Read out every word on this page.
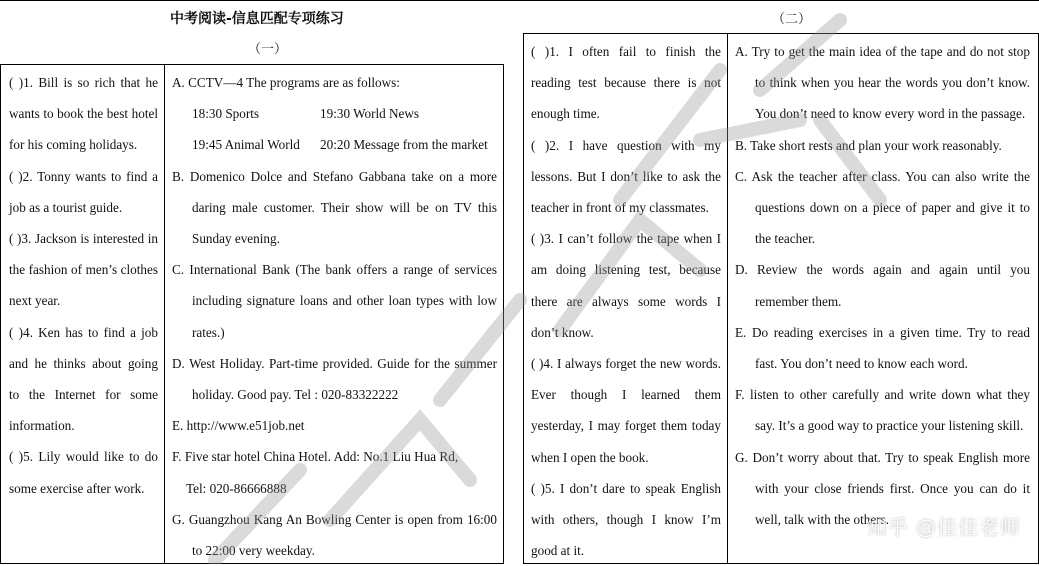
中考阅读-信息匹配专项练习
（一）
（二）

( )1. Bill is so rich that he wants to book the best hotel for his coming holidays.

( )2. Tonny wants to find a job as a tourist guide.

( )3. Jackson is interested in the fashion of men’s clothes next year.

( )4. Ken has to find a job and he thinks about going to the Internet for some information.

( )5. Lily would like to do some exercise after work.

A. CCTV—4 The programs are as follows:

18:30 Sports	19:30 World News

19:45 Animal World	20:20 Message from the market

B. Domenico Dolce and Stefano Gabbana take on a more daring male customer. Their show will be on TV this Sunday evening.

C. International Bank (The bank offers a range of services including signature loans and other loan types with low rates.)

D. West Holiday. Part-time provided. Guide for the summer holiday. Good pay. Tel : 020-83322222

E. http://www.e51job.net

F. Five star hotel China Hotel. Add: No.1 Liu Hua Rd,

Tel: 020-86666888

G. Guangzhou Kang An Bowling Center is open from 16:00 to 22:00 very weekday.

( )1. I often fail to finish the reading test because there is not enough time.

( )2. I have question with my lessons. But I don’t like to ask the teacher in front of my classmates.

( )3. I can’t follow the tape when I am doing listening test, because there are always some words I don’t know.

( )4. I always forget the new words. Ever though I learned them yesterday, I may forget them today when I open the book.

( )5. I don’t dare to speak English with others, though I know I’m good at it.

A. Try to get the main idea of the tape and do not stop to think when you hear the words you don’t know. You don’t need to know every word in the passage.

B. Take short rests and plan your work reasonably.

C. Ask the teacher after class. You can also write the questions down on a piece of paper and give it to the teacher.

D. Review the words again and again until you remember them.

E. Do reading exercises in a given time. Try to read fast. You don’t need to know each word.

F. listen to other carefully and write down what they say. It’s a good way to practice your listening skill.

G. Don’t worry about that. Try to speak English more with your close friends first. Once you can do it well, talk with the others.

知乎 @佳佳老师
